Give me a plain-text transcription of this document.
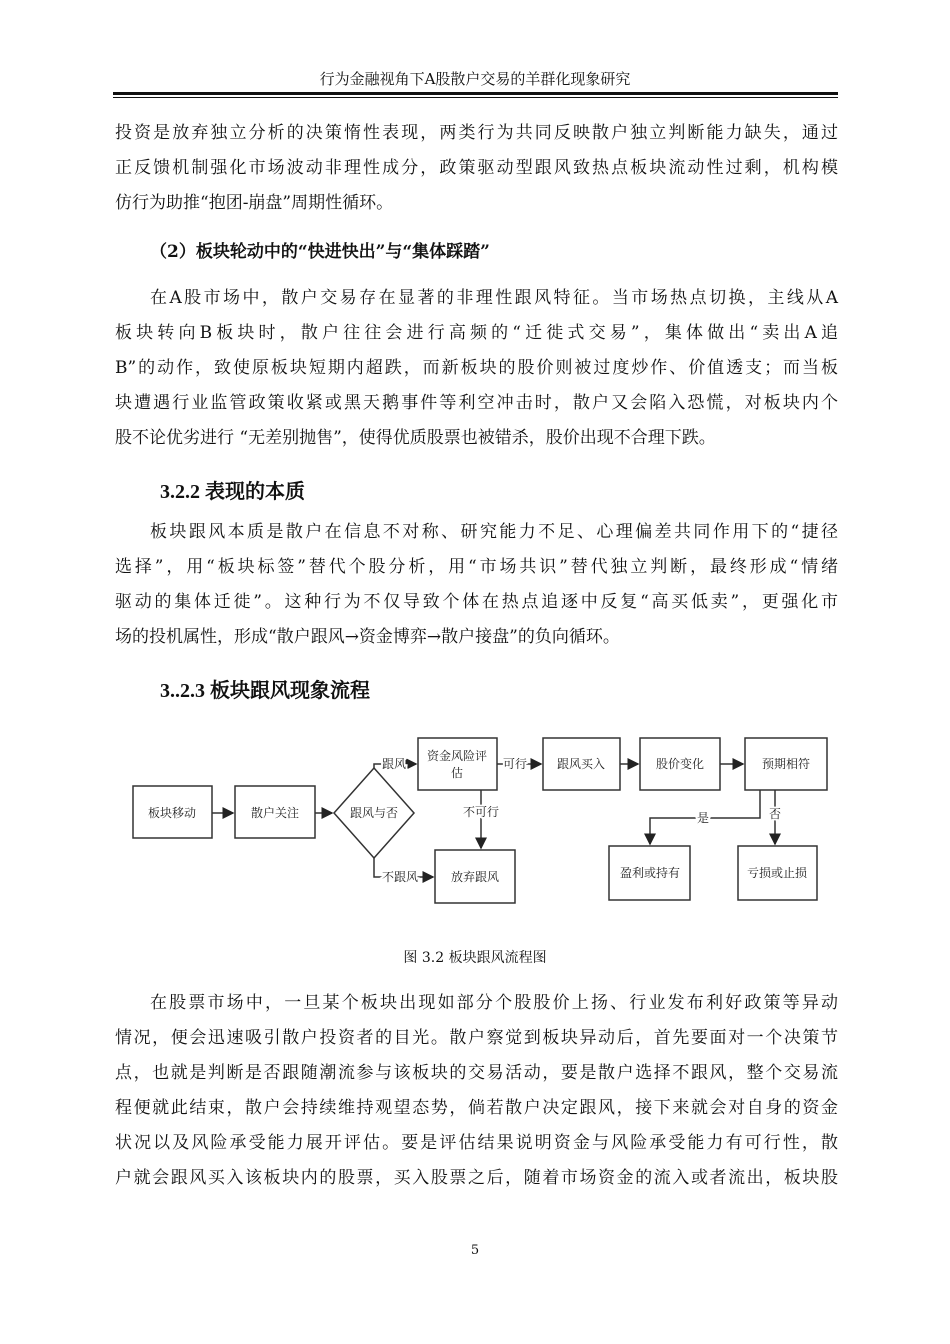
行为金融视角下A股散户交易的羊群化现象研究
投资是放弃独立分析的决策惰性表现，两类行为共同反映散户独立判断能力缺失，通过
正反馈机制强化市场波动非理性成分，政策驱动型跟风致热点板块流动性过剩，机构模
仿行为助推“抱团-崩盘”周期性循环。
（2）板块轮动中的“快进快出”与“集体踩踏”
在A股市场中，散户交易存在显著的非理性跟风特征。当市场热点切换，主线从A
板块转向B板块时，散户往往会进行高频的“迁徙式交易”，集体做出“卖出A追
B”的动作，致使原板块短期内超跌，而新板块的股价则被过度炒作、价值透支；而当板
块遭遇行业监管政策收紧或黑天鹅事件等利空冲击时，散户又会陷入恐慌，对板块内个
股不论优劣进行 “无差别抛售”，使得优质股票也被错杀，股价出现不合理下跌。
3.2.2 表现的本质
板块跟风本质是散户在信息不对称、研究能力不足、心理偏差共同作用下的“捷径
选择”，用“板块标签”替代个股分析，用“市场共识”替代独立判断，最终形成“情绪
驱动的集体迁徙”。这种行为不仅导致个体在热点追逐中反复“高买低卖”，更强化市
场的投机属性，形成“散户跟风→资金博弈→散户接盘”的负向循环。
3..2.3 板块跟风现象流程
板块移动	散户关注	跟风与否
资金风险评
估
跟风买入	股价变化	预期相符
放弃跟风	盈利或持有	亏损或止损
跟风
不跟风
可行
不可行	是	否
图 3.2 板块跟风流程图
在股票市场中，一旦某个板块出现如部分个股股价上扬、行业发布利好政策等异动
情况，便会迅速吸引散户投资者的目光。散户察觉到板块异动后，首先要面对一个决策节
点，也就是判断是否跟随潮流参与该板块的交易活动，要是散户选择不跟风，整个交易流
程便就此结束，散户会持续维持观望态势，倘若散户决定跟风，接下来就会对自身的资金
状况以及风险承受能力展开评估。要是评估结果说明资金与风险承受能力有可行性，散
户就会跟风买入该板块内的股票，买入股票之后，随着市场资金的流入或者流出，板块股
5
